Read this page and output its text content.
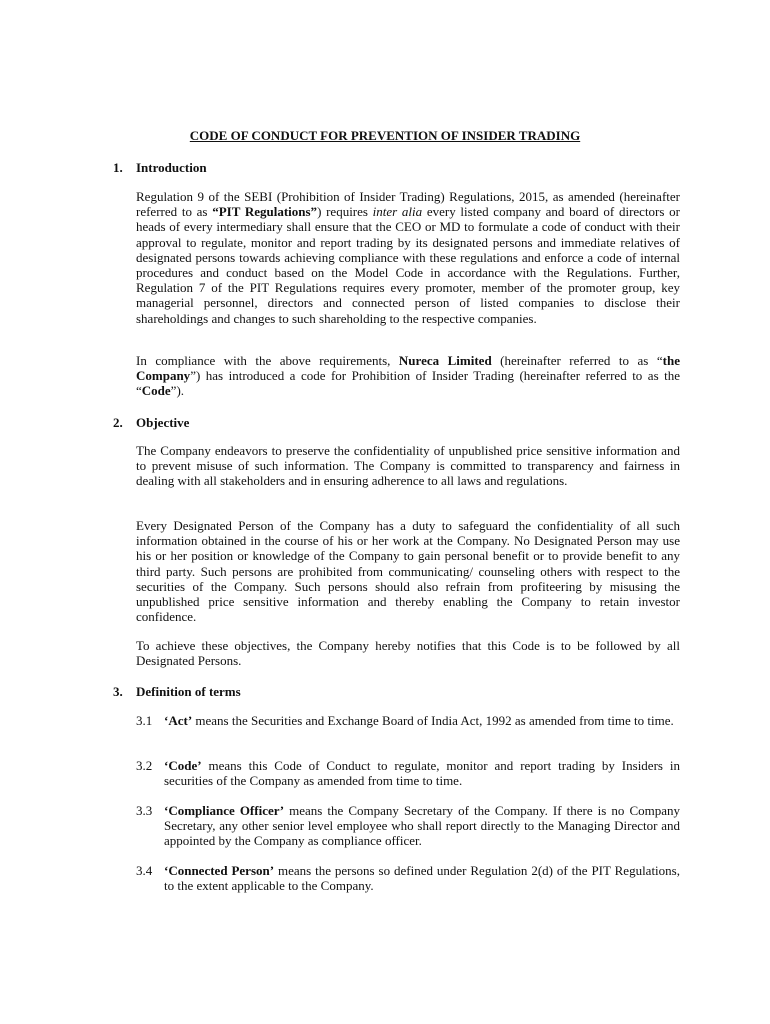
CODE OF CONDUCT FOR PREVENTION OF INSIDER TRADING
1. Introduction

Regulation 9 of the SEBI (Prohibition of Insider Trading) Regulations, 2015, as amended (hereinafter referred to as “PIT Regulations”) requires inter alia every listed company and board of directors or heads of every intermediary shall ensure that the CEO or MD to formulate a code of conduct with their approval to regulate, monitor and report trading by its designated persons and immediate relatives of designated persons towards achieving compliance with these regulations and enforce a code of internal procedures and conduct based on the Model Code in accordance with the Regulations. Further, Regulation 7 of the PIT Regulations requires every promoter, member of the promoter group, key managerial personnel, directors and connected person of listed companies to disclose their shareholdings and changes to such shareholding to the respective companies.

In compliance with the above requirements, Nureca Limited (hereinafter referred to as “the Company”) has introduced a code for Prohibition of Insider Trading (hereinafter referred to as the “Code”).

2. Objective

The Company endeavors to preserve the confidentiality of unpublished price sensitive information and to prevent misuse of such information. The Company is committed to transparency and fairness in dealing with all stakeholders and in ensuring adherence to all laws and regulations.

Every Designated Person of the Company has a duty to safeguard the confidentiality of all such information obtained in the course of his or her work at the Company. No Designated Person may use his or her position or knowledge of the Company to gain personal benefit or to provide benefit to any third party. Such persons are prohibited from communicating/ counseling others with respect to the securities of the Company. Such persons should also refrain from profiteering by misusing the unpublished price sensitive information and thereby enabling the Company to retain investor confidence.

To achieve these objectives, the Company hereby notifies that this Code is to be followed by all Designated Persons.

3. Definition of terms
3.1 ‘Act’ means the Securities and Exchange Board of India Act, 1992 as amended from time to time.
3.2 ‘Code’ means this Code of Conduct to regulate, monitor and report trading by Insiders in securities of the Company as amended from time to time.
3.3 ‘Compliance Officer’ means the Company Secretary of the Company. If there is no Company Secretary, any other senior level employee who shall report directly to the Managing Director and appointed by the Company as compliance officer.
3.4 ‘Connected Person’ means the persons so defined under Regulation 2(d) of the PIT Regulations, to the extent applicable to the Company.
